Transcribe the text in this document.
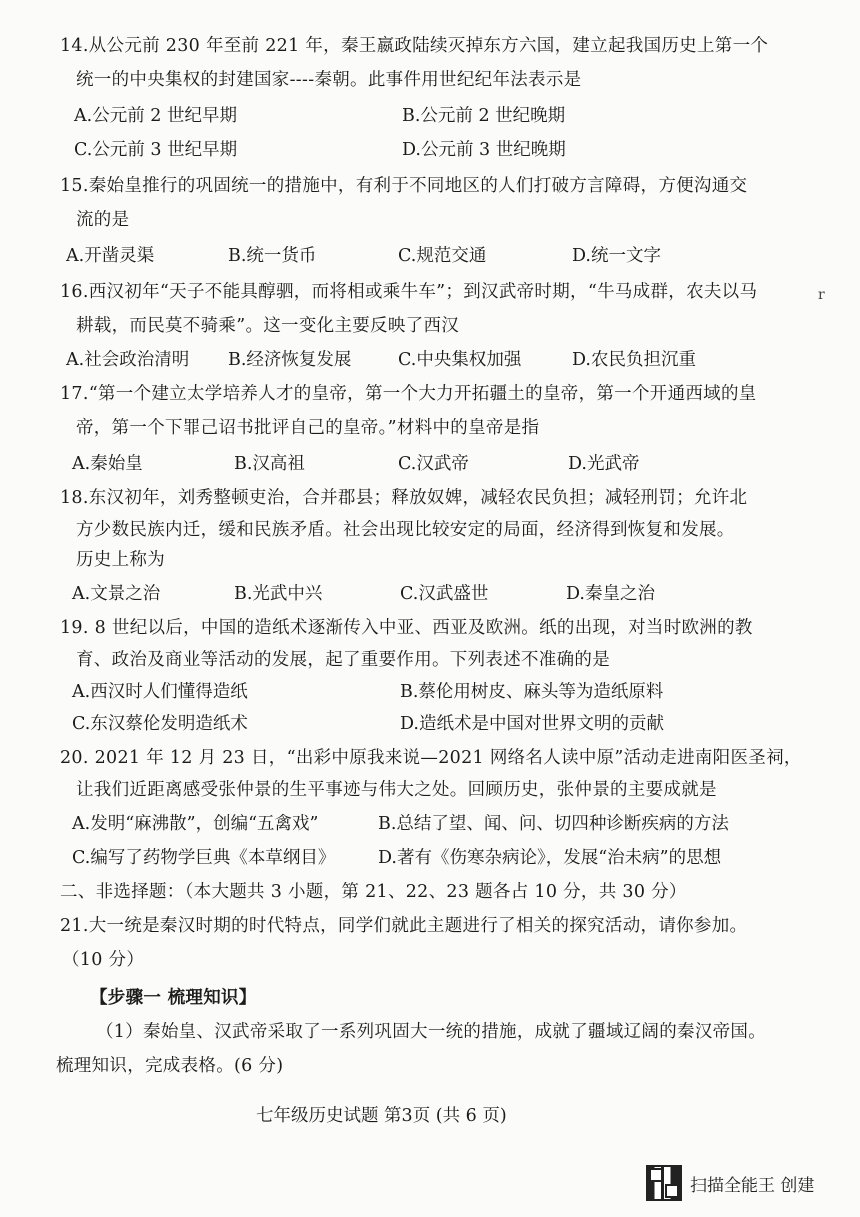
14.从公元前 230 年至前 221 年，秦王嬴政陆续灭掉东方六国，建立起我国历史上第一个
统一的中央集权的封建国家----秦朝。此事件用世纪纪年法表示是
A.公元前 2 世纪早期	B.公元前 2 世纪晚期
C.公元前 3 世纪早期	D.公元前 3 世纪晚期
15.秦始皇推行的巩固统一的措施中，有利于不同地区的人们打破方言障碍，方便沟通交
流的是
A.开凿灵渠	B.统一货币	C.规范交通	D.统一文字
16.西汉初年“天子不能具醇驷，而将相或乘牛车”；到汉武帝时期，“牛马成群，农夫以马
耕载，而民莫不骑乘”。这一变化主要反映了西汉
A.社会政治清明 B.经济恢复发展	C.中央集权加强	D.农民负担沉重
17.“第一个建立太学培养人才的皇帝，第一个大力开拓疆土的皇帝，第一个开通西域的皇
帝，第一个下罪己诏书批评自己的皇帝。”材料中的皇帝是指
A.秦始皇	B.汉高祖	C.汉武帝	D.光武帝
18.东汉初年，刘秀整顿吏治，合并郡县；释放奴婢，减轻农民负担；减轻刑罚；允许北
方少数民族内迁，缓和民族矛盾。社会出现比较安定的局面，经济得到恢复和发展。
历史上称为
A.文景之治	B.光武中兴	C.汉武盛世	D.秦皇之治
19. 8 世纪以后，中国的造纸术逐渐传入中亚、西亚及欧洲。纸的出现，对当时欧洲的教
育、政治及商业等活动的发展，起了重要作用。下列表述不准确的是
A.西汉时人们懂得造纸	B.蔡伦用树皮、麻头等为造纸原料
C.东汉蔡伦发明造纸术	D.造纸术是中国对世界文明的贡献
20. 2021 年 12 月 23 日，“出彩中原我来说—2021 网络名人读中原”活动走进南阳医圣祠，
让我们近距离感受张仲景的生平事迹与伟大之处。回顾历史，张仲景的主要成就是
A.发明“麻沸散”，创编“五禽戏”	B.总结了望、闻、问、切四种诊断疾病的方法
C.编写了药物学巨典《本草纲目》 D.著有《伤寒杂病论》，发展“治未病”的思想
二、非选择题：（本大题共 3 小题，第 21、22、23 题各占 10 分，共 30 分）
21.大一统是秦汉时期的时代特点，同学们就此主题进行了相关的探究活动，请你参加。
（10 分）
【步骤一 梳理知识】
（1）秦始皇、汉武帝采取了一系列巩固大一统的措施，成就了疆域辽阔的秦汉帝国。
梳理知识，完成表格。(6 分)
七年级历史试题 第3页 (共 6 页)
r
扫描全能王 创建
